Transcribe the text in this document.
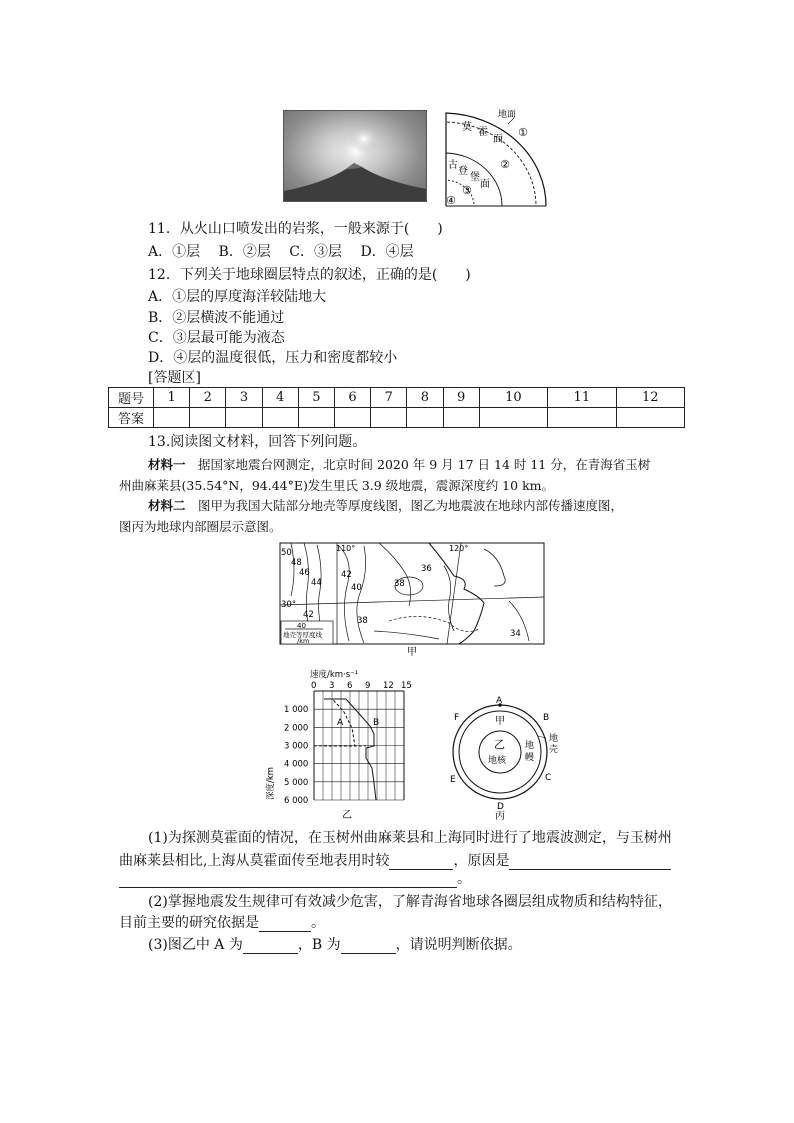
地面
莫 霍
面
①
②
古
登
堡
面
③
④
11．从火山口喷发出的岩浆，一般来源于(　　)
A．①层　 B．②层　 C．③层　 D．④层
12．下列关于地球圈层特点的叙述，正确的是(　　)
A．①层的厚度海洋较陆地大
B．②层横波不能通过
C．③层最可能为液态
D．④层的温度很低，压力和密度都较小
[答题区]
题号	1	2	3	4	5	6	7	8	9	10	11	12
答案												
13.阅读图文材料，回答下列问题。
材料一　据国家地震台网测定，北京时间 2020 年 9 月 17 日 14 时 11 分，在青海省玉树
州曲麻莱县(35.54°N，94.44°E)发生里氏 3.9 级地震，震源深度约 10 km。
材料二　图甲为我国大陆部分地壳等厚度线图，图乙为地震波在地球内部传播速度图，
图丙为地球内部圈层示意图。
50
48
46
44
42
40	38
42
38
36
34
30°
110°	120°
40
地壳等厚度线
/km
甲
速度/km·s⁻¹
0 3 6 9 12 15
1 000
2 000
3 000
4 000
5 000
6 000
深度/km
A	B
乙
A
B
C
D
E
F	甲
乙
地核
地
幔
地
壳
丙
(1)为探测莫霍面的情况，在玉树州曲麻莱县和上海同时进行了地震波测定，与玉树州
曲麻莱县相比,上海从莫霍面传至地表用时较	，原因是
。
(2)掌握地震发生规律可有效减少危害，了解青海省地球各圈层组成物质和结构特征，
目前主要的研究依据是	。
(3)图乙中 A 为	，B 为	，请说明判断依据。
